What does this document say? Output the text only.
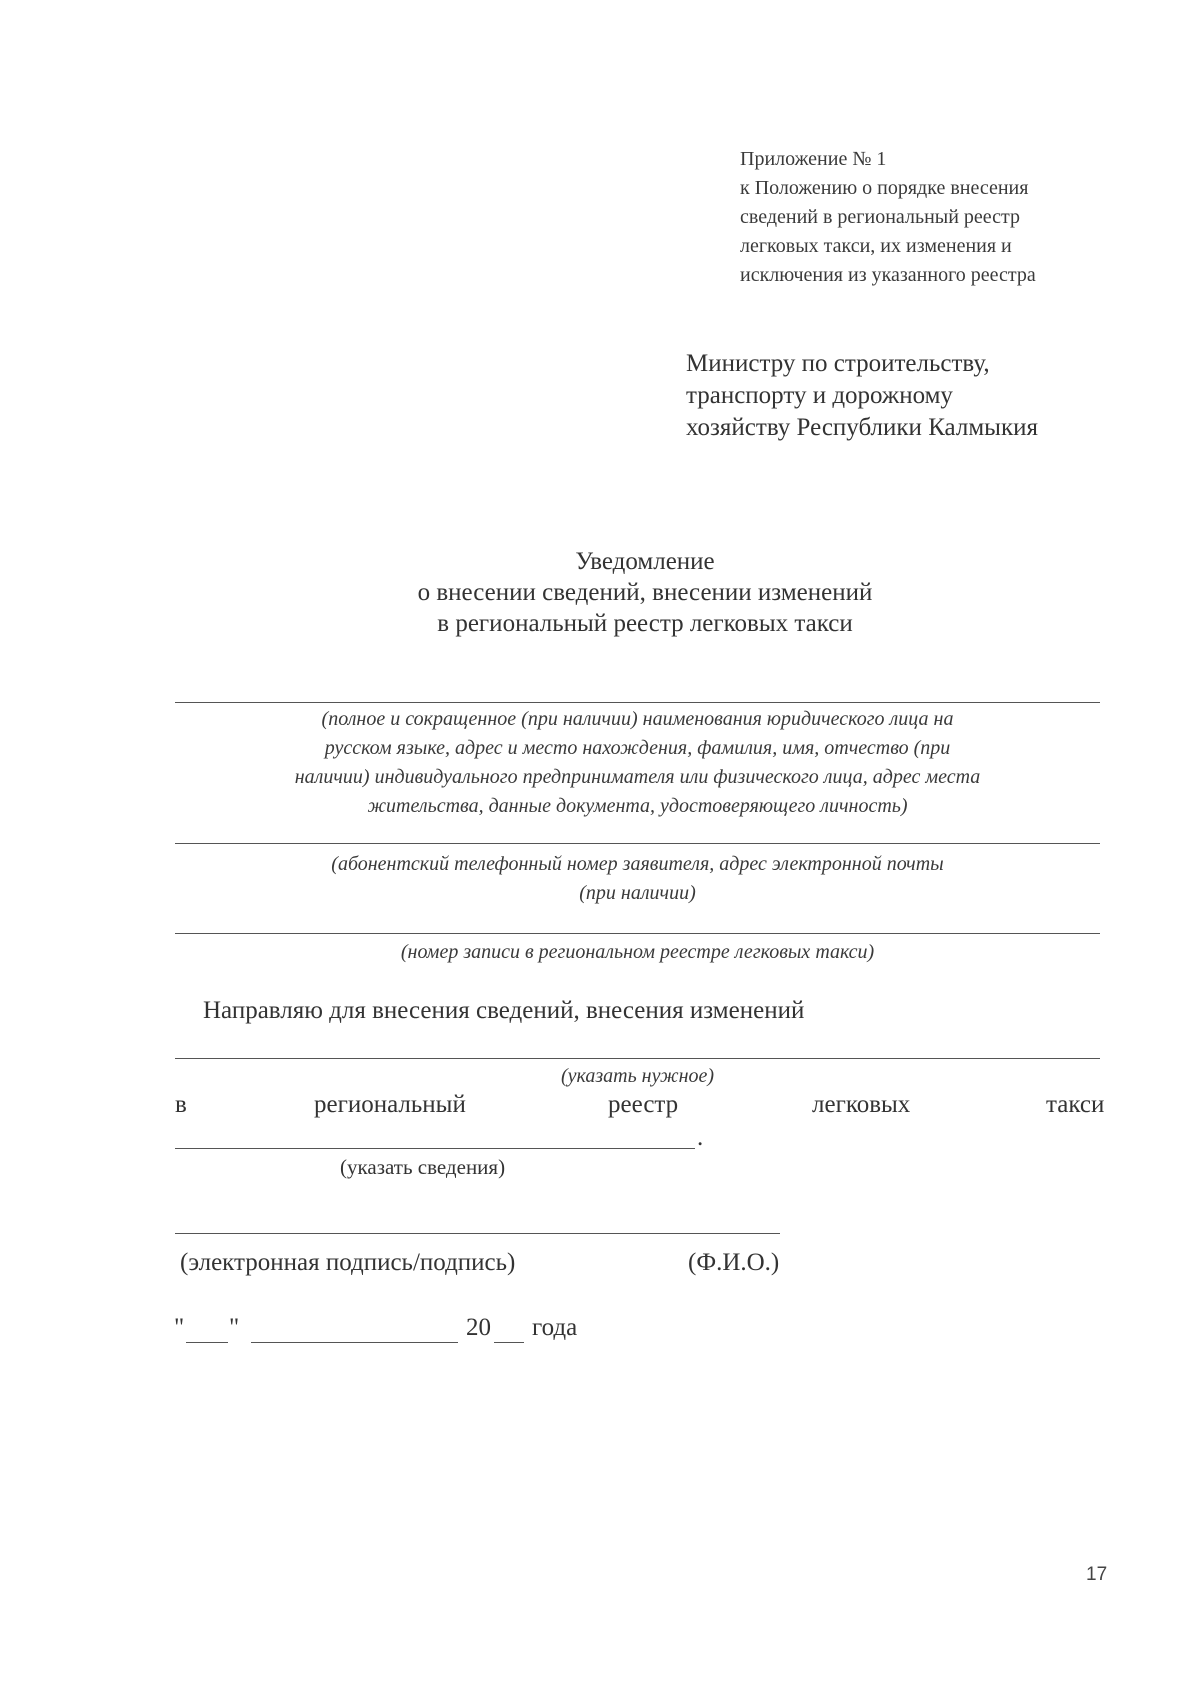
Приложение № 1
к Положению о порядке внесения
сведений в региональный реестр
легковых такси, их изменения и
исключения из указанного реестра
Министру по строительству,
транспорту и дорожному
хозяйству Республики Калмыкия
Уведомление
о внесении сведений, внесении изменений
в региональный реестр легковых такси
(полное и сокращенное (при наличии) наименования юридического лица на
русском языке, адрес и место нахождения, фамилия, имя, отчество (при
наличии) индивидуального предпринимателя или физического лица, адрес места
жительства, данные документа, удостоверяющего личность)
(абонентский телефонный номер заявителя, адрес электронной почты
(при наличии)
(номер записи в региональном реестре легковых такси)
Направляю для внесения сведений, внесения изменений
(указать нужное)
в	региональный	реестр	легковых	такси
.
(указать сведения)
(электронная подпись/подпись)	(Ф.И.О.)
" "	20 года
17
